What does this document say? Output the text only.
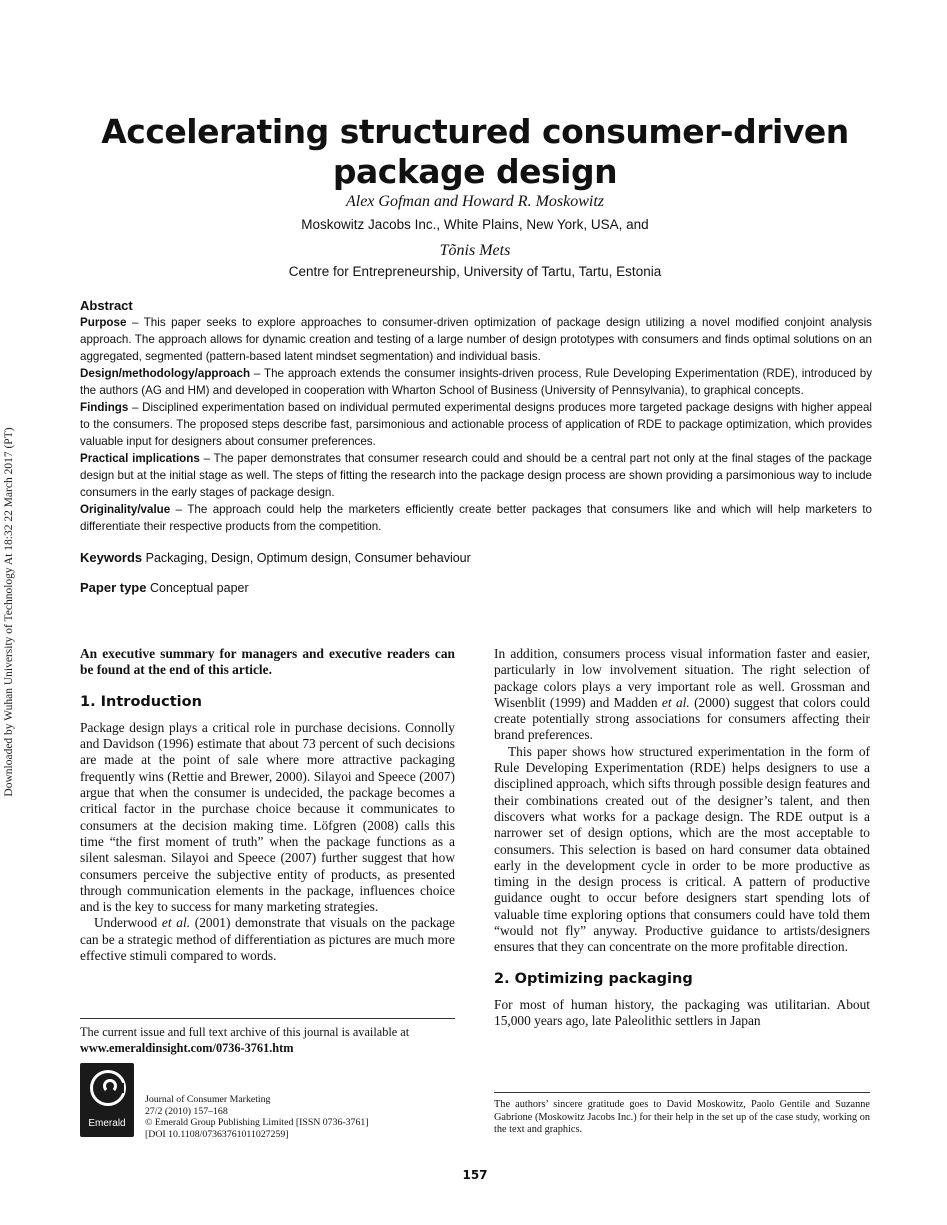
Downloaded by Wuhan University of Technology At 18:32 22 March 2017 (PT)
Accelerating structured consumer-driven
package design
Alex Gofman and Howard R. Moskowitz
Moskowitz Jacobs Inc., White Plains, New York, USA, and
Tõnis Mets
Centre for Entrepreneurship, University of Tartu, Tartu, Estonia
Abstract

Purpose – This paper seeks to explore approaches to consumer-driven optimization of package design utilizing a novel modified conjoint analysis approach. The approach allows for dynamic creation and testing of a large number of design prototypes with consumers and finds optimal solutions on an aggregated, segmented (pattern-based latent mindset segmentation) and individual basis.

Design/methodology/approach – The approach extends the consumer insights-driven process, Rule Developing Experimentation (RDE), introduced by the authors (AG and HM) and developed in cooperation with Wharton School of Business (University of Pennsylvania), to graphical concepts.

Findings – Disciplined experimentation based on individual permuted experimental designs produces more targeted package designs with higher appeal to the consumers. The proposed steps describe fast, parsimonious and actionable process of application of RDE to package optimization, which provides valuable input for designers about consumer preferences.

Practical implications – The paper demonstrates that consumer research could and should be a central part not only at the final stages of the package design but at the initial stage as well. The steps of fitting the research into the package design process are shown providing a parsimonious way to include consumers in the early stages of package design.

Originality/value – The approach could help the marketers efficiently create better packages that consumers like and which will help marketers to differentiate their respective products from the competition.

Keywords Packaging, Design, Optimum design, Consumer behaviour
Paper type Conceptual paper

An executive summary for managers and executive readers can be found at the end of this article.

1. Introduction

Package design plays a critical role in purchase decisions. Connolly and Davidson (1996) estimate that about 73 percent of such decisions are made at the point of sale where more attractive packaging frequently wins (Rettie and Brewer, 2000). Silayoi and Speece (2007) argue that when the consumer is undecided, the package becomes a critical factor in the purchase choice because it communicates to consumers at the decision making time. Löfgren (2008) calls this time “the first moment of truth” when the package functions as a silent salesman. Silayoi and Speece (2007) further suggest that how consumers perceive the subjective entity of products, as presented through communication elements in the package, influences choice and is the key to success for many marketing strategies.

Underwood et al. (2001) demonstrate that visuals on the package can be a strategic method of differentiation as pictures are much more effective stimuli compared to words.

In addition, consumers process visual information faster and easier, particularly in low involvement situation. The right selection of package colors plays a very important role as well. Grossman and Wisenblit (1999) and Madden et al. (2000) suggest that colors could create potentially strong associations for consumers affecting their brand preferences.

This paper shows how structured experimentation in the form of Rule Developing Experimentation (RDE) helps designers to use a disciplined approach, which sifts through possible design features and their combinations created out of the designer’s talent, and then discovers what works for a package design. The RDE output is a narrower set of design options, which are the most acceptable to consumers. This selection is based on hard consumer data obtained early in the development cycle in order to be more productive as timing in the design process is critical. A pattern of productive guidance ought to occur before designers start spending lots of valuable time exploring options that consumers could have told them “would not fly” anyway. Productive guidance to artists/designers ensures that they can concentrate on the more profitable direction.

2. Optimizing packaging

For most of human history, the packaging was utilitarian. About 15,000 years ago, late Paleolithic settlers in Japan

The current issue and full text archive of this journal is available at
www.emeraldinsight.com/0736-3761.htm
Emerald
Journal of Consumer Marketing
27/2 (2010) 157–168
© Emerald Group Publishing Limited [ISSN 0736-3761]
[DOI 10.1108/07363761011027259]
The authors’ sincere gratitude goes to David Moskowitz, Paolo Gentile and Suzanne Gabrione (Moskowitz Jacobs Inc.) for their help in the set up of the case study, working on the text and graphics.
157
